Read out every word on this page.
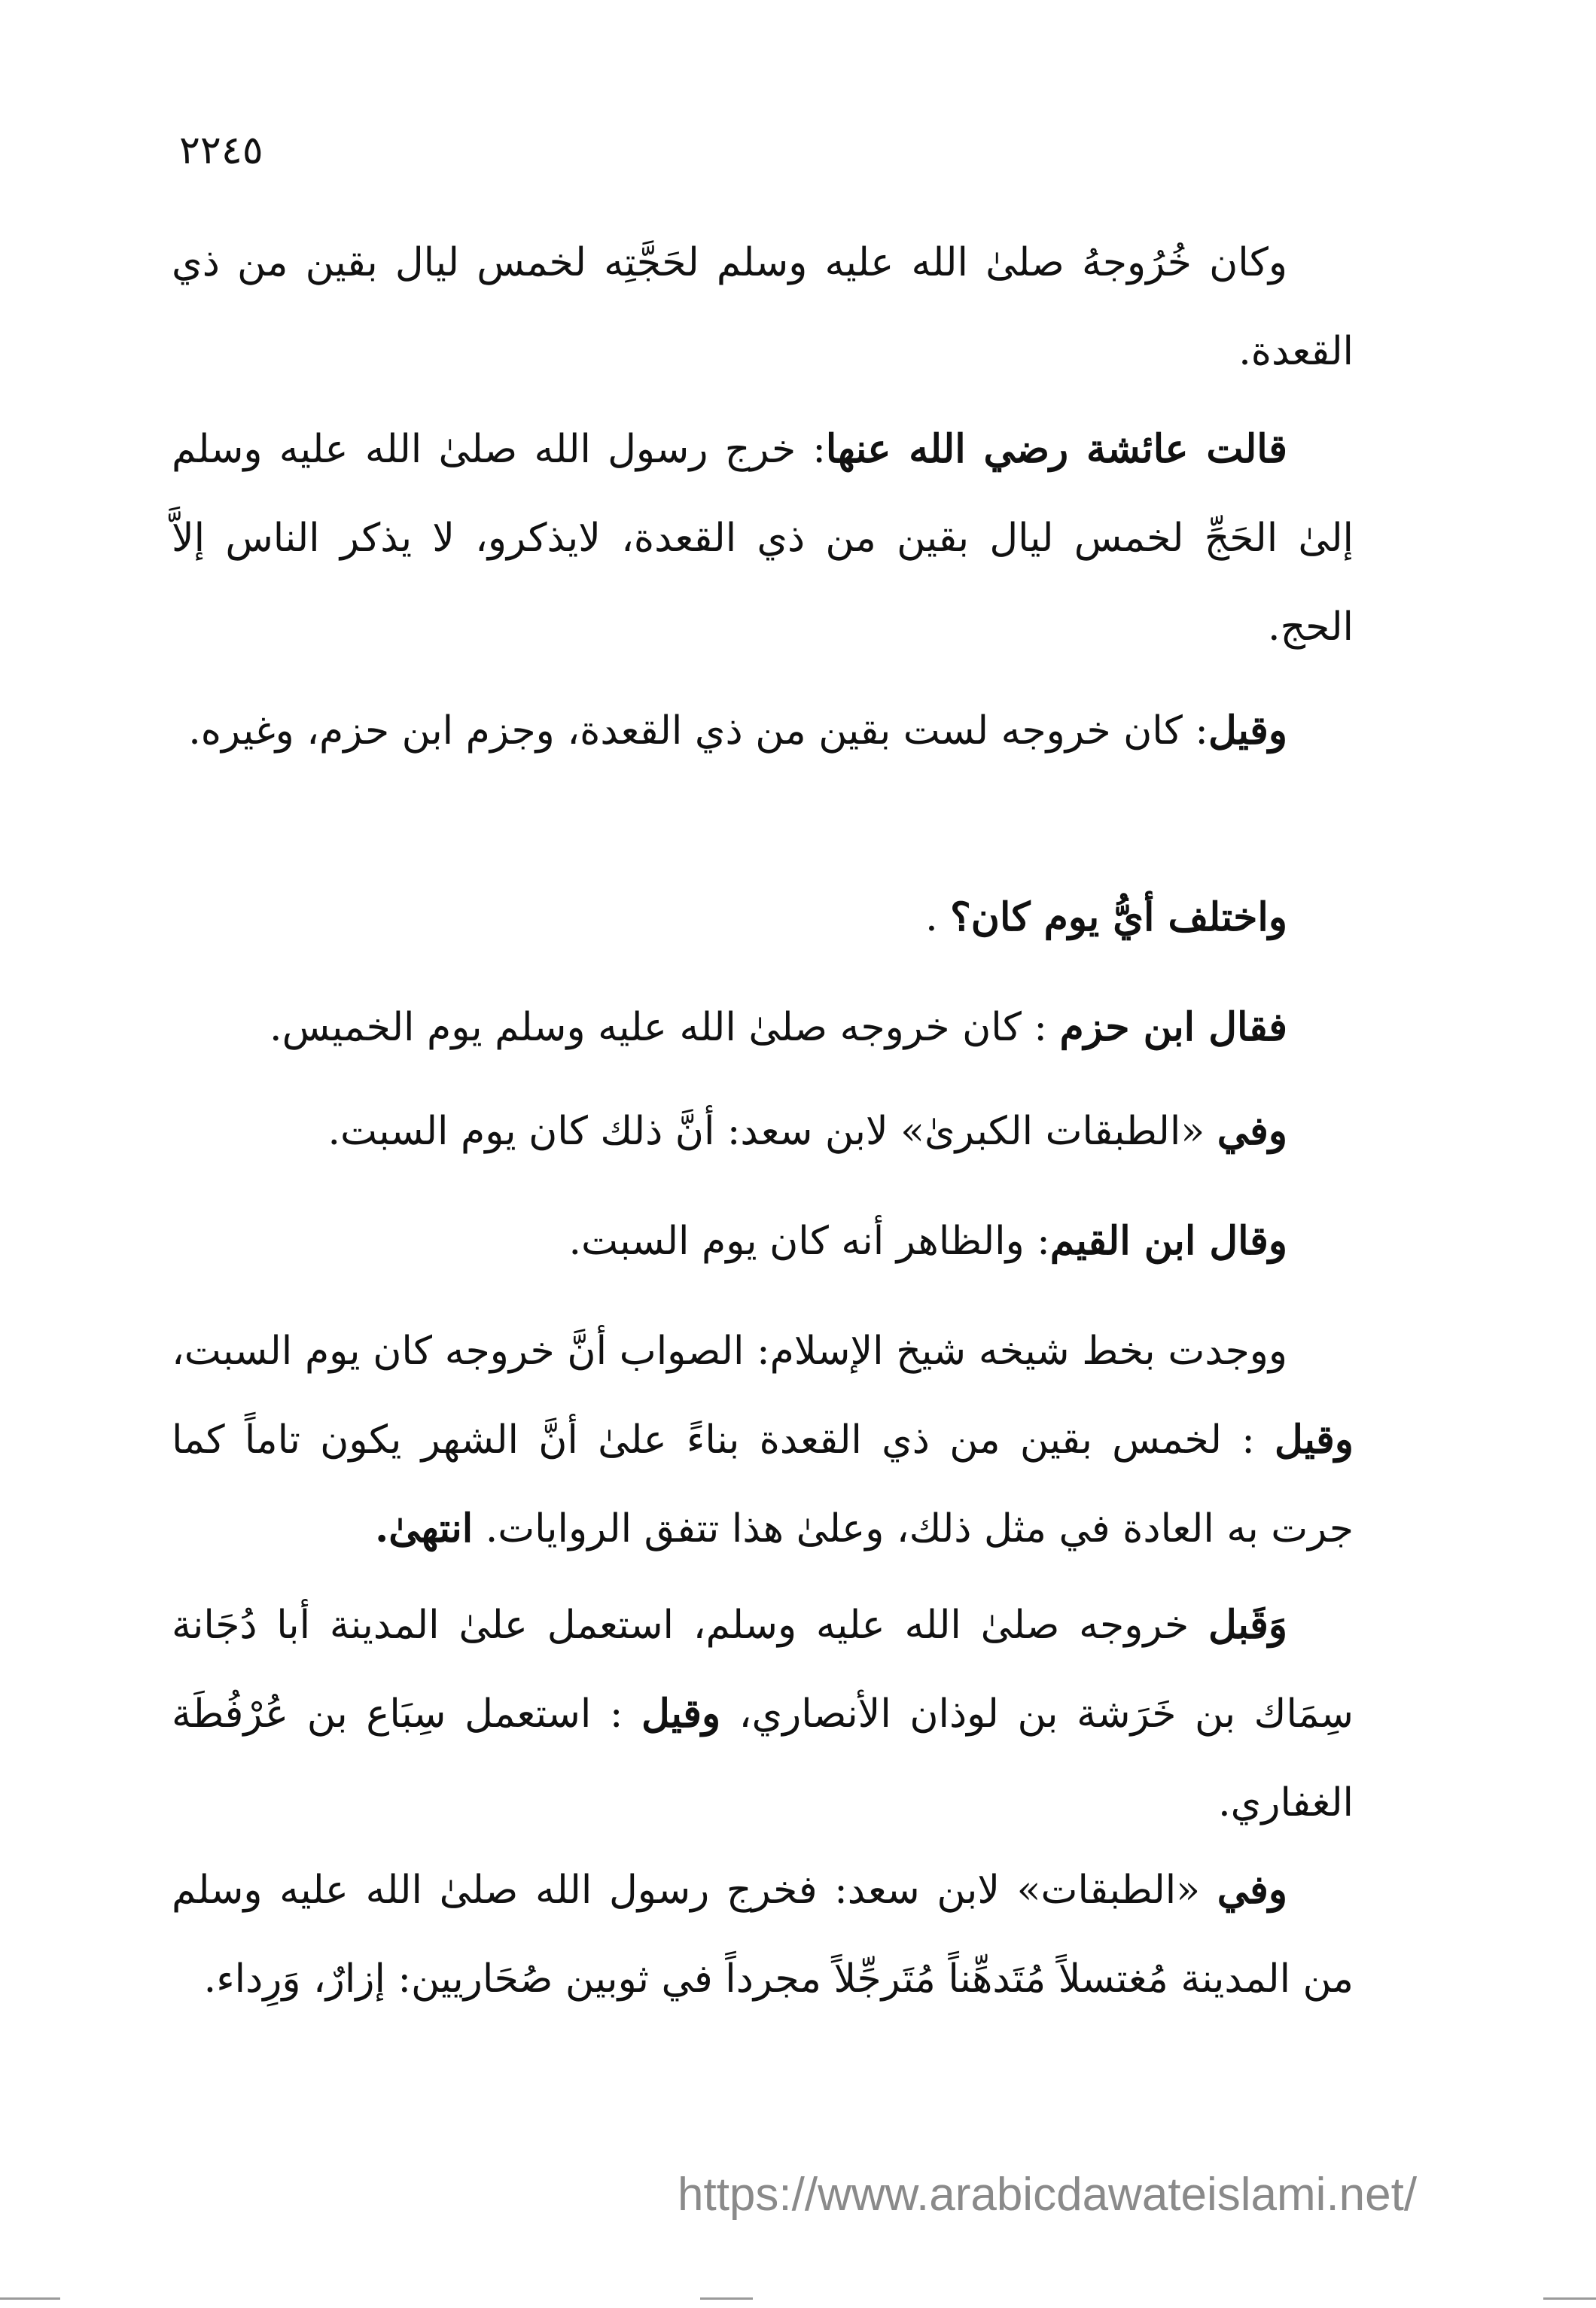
٢٢٤٥

وكان خُرُوجهُ صلىٰ الله عليه وسلم لحَجَّتِه لخمس ليال بقين من ذي القعدة.

قالت عائشة رضي الله عنها: خرج رسول الله صلىٰ الله عليه وسلم إلىٰ الحَجِّ لخمس ليال بقين من ذي القعدة، لايذكرو، لا يذكر الناس إلاَّ الحج.

وقيل: كان خروجه لست بقين من ذي القعدة، وجزم ابن حزم، وغيره.

واختلف أيُّ يوم كان؟ .

فقال ابن حزم : كان خروجه صلىٰ الله عليه وسلم يوم الخميس.

وفي «الطبقات الكبرىٰ» لابن سعد: أنَّ ذلك كان يوم السبت.

وقال ابن القيم: والظاهر أنه كان يوم السبت.

ووجدت بخط شيخه شيخ الإسلام: الصواب أنَّ خروجه كان يوم السبت، وقيل : لخمس بقين من ذي القعدة بناءً علىٰ أنَّ الشهر يكون تاماً كما جرت به العادة في مثل ذلك، وعلىٰ هذا تتفق الروايات. انتهىٰ.

وَقَبل خروجه صلىٰ الله عليه وسلم، استعمل علىٰ المدينة أبا دُجَانة سِمَاك بن خَرَشة بن لوذان الأنصاري، وقيل : استعمل سِبَاع بن عُرْفُطَة الغفاري.

وفي «الطبقات» لابن سعد: فخرج رسول الله صلىٰ الله عليه وسلم من المدينة مُغتسلاً مُتَدهِّناً مُتَرجِّلاً مجرداً في ثوبين صُحَاريين: إزارٌ، وَرِداء.

https://www.arabicdawateislami.net/
